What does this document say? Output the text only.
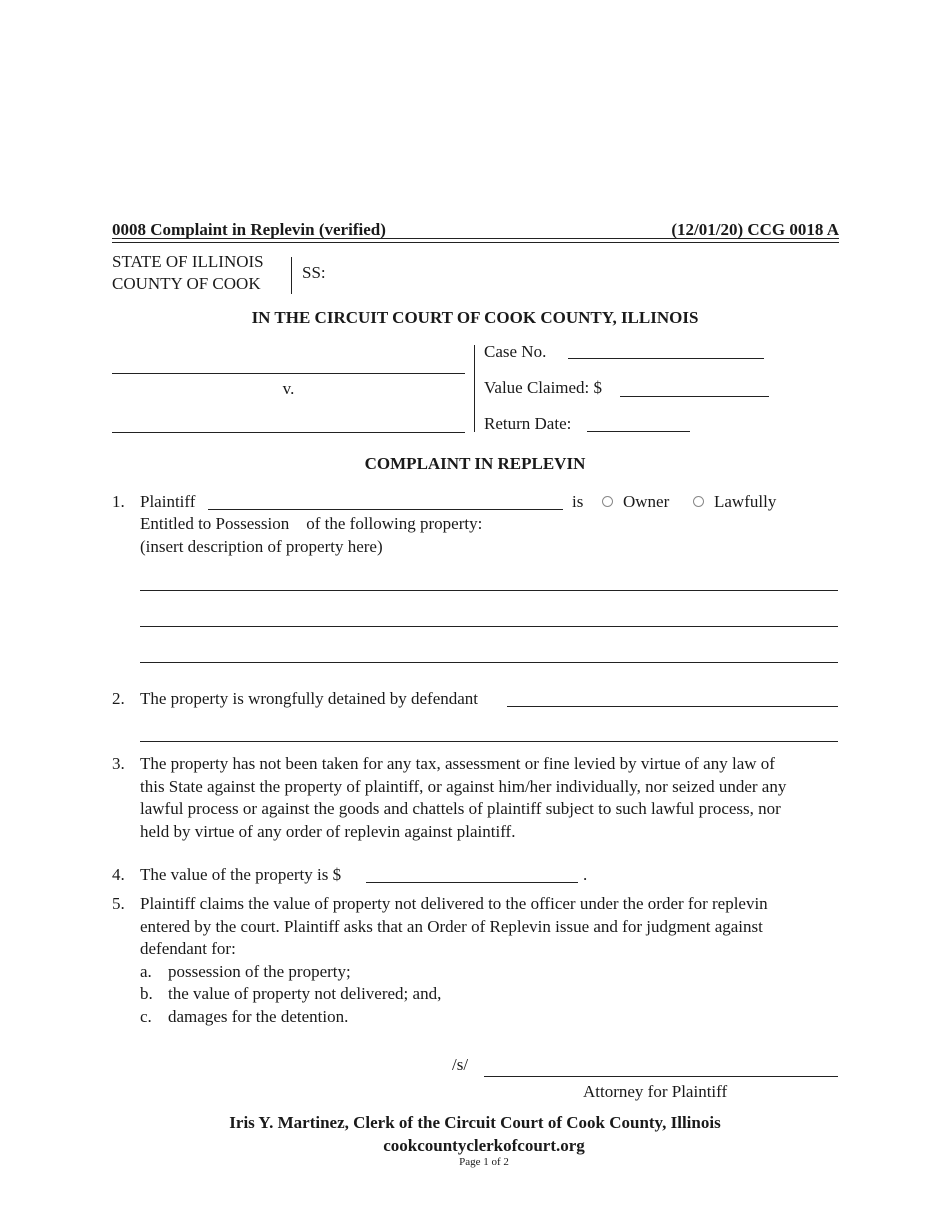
0008 Complaint in Replevin (verified)	(12/01/20) CCG 0018 A
STATE OF ILLINOIS
COUNTY OF COOK
SS:
IN THE CIRCUIT COURT OF COOK COUNTY, ILLINOIS
v.
Case No.
Value Claimed: $
Return Date:
COMPLAINT IN REPLEVIN
1. Plaintiff	is Owner	Lawfully
Entitled to Possession    of the following property:
(insert description of property here)
2. The property is wrongfully detained by defendant
3. The property has not been taken for any tax, assessment or fine levied by virtue of any law of
this State against the property of plaintiff, or against him/her individually, nor seized under any
lawful process or against the goods and chattels of plaintiff subject to such lawful process, nor
held by virtue of any order of replevin against plaintiff.
4. The value of the property is $	.
5. Plaintiff claims the value of property not delivered to the officer under the order for replevin
entered by the court. Plaintiff asks that an Order of Replevin issue and for judgment against
defendant for:
a. possession of the property;
b. the value of property not delivered; and,
c. damages for the detention.
/s/
Attorney for Plaintiff
Iris Y. Martinez, Clerk of the Circuit Court of Cook County, Illinois
cookcountyclerkofcourt.org
Page 1 of 2
